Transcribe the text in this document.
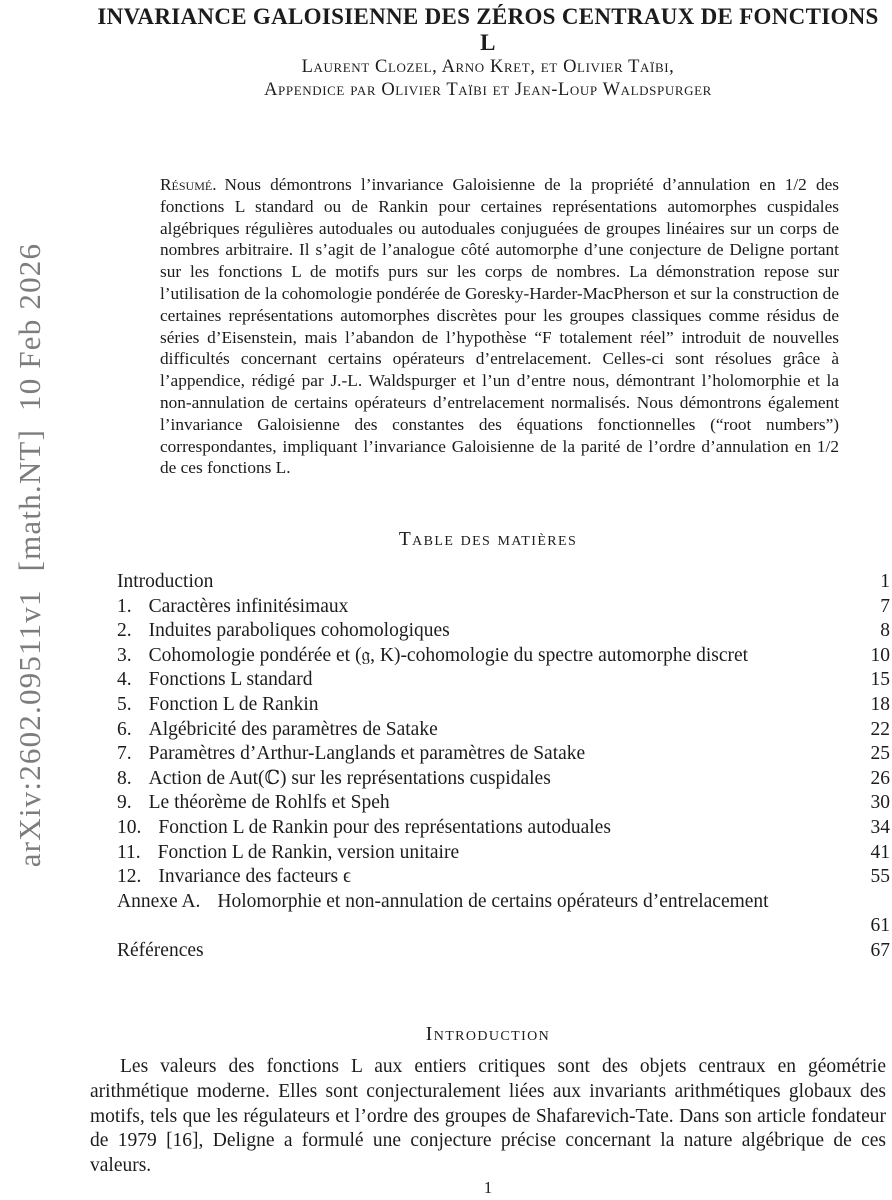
arXiv:2602.09511v1  [math.NT]  10 Feb 2026
INVARIANCE GALOISIENNE DES ZÉROS CENTRAUX DE FONCTIONS L
Laurent Clozel, Arno Kret, et Olivier Taïbi,
Appendice par Olivier Taïbi et Jean-Loup Waldspurger
Résumé. Nous démontrons l’invariance Galoisienne de la propriété d’annulation en 1/2 des fonctions L standard ou de Rankin pour certaines représentations automorphes cuspidales algébriques régulières autoduales ou autoduales conjuguées de groupes linéaires sur un corps de nombres arbitraire. Il s’agit de l’analogue côté automorphe d’une conjecture de Deligne portant sur les fonctions L de motifs purs sur les corps de nombres. La démonstration repose sur l’utilisation de la cohomologie pondérée de Goresky-Harder-MacPherson et sur la construction de certaines représentations automorphes discrètes pour les groupes classiques comme résidus de séries d’Eisenstein, mais l’abandon de l’hypothèse “F totalement réel” introduit de nouvelles difficultés concernant certains opérateurs d’entrelacement. Celles-ci sont résolues grâce à l’appendice, rédigé par J.-L. Waldspurger et l’un d’entre nous, démontrant l’holomorphie et la non-annulation de certains opérateurs d’entrelacement normalisés. Nous démontrons également l’invariance Galoisienne des constantes des équations fonctionnelles (“root numbers”) correspondantes, impliquant l’invariance Galoisienne de la parité de l’ordre d’annulation en 1/2 de ces fonctions L.
Table des matières
Introduction	1
1. Caractères infinitésimaux	7
2. Induites paraboliques cohomologiques	8
3. Cohomologie pondérée et (𝔤, K)-cohomologie du spectre automorphe discret	10
4. Fonctions L standard	15
5. Fonction L de Rankin	18
6. Algébricité des paramètres de Satake	22
7. Paramètres d’Arthur-Langlands et paramètres de Satake	25
8. Action de Aut(ℂ) sur les représentations cuspidales	26
9. Le théorème de Rohlfs et Speh	30
10. Fonction L de Rankin pour des représentations autoduales	34
11. Fonction L de Rankin, version unitaire	41
12. Invariance des facteurs ϵ	55
Annexe A. Holomorphie et non-annulation de certains opérateurs d’entrelacement
61
Références	67
Introduction
Les valeurs des fonctions L aux entiers critiques sont des objets centraux en géométrie arithmétique moderne. Elles sont conjecturalement liées aux invariants arithmétiques globaux des motifs, tels que les régulateurs et l’ordre des groupes de Shafarevich-Tate. Dans son article fondateur de 1979 [16], Deligne a formulé une conjecture précise concernant la nature algébrique de ces valeurs.
1
